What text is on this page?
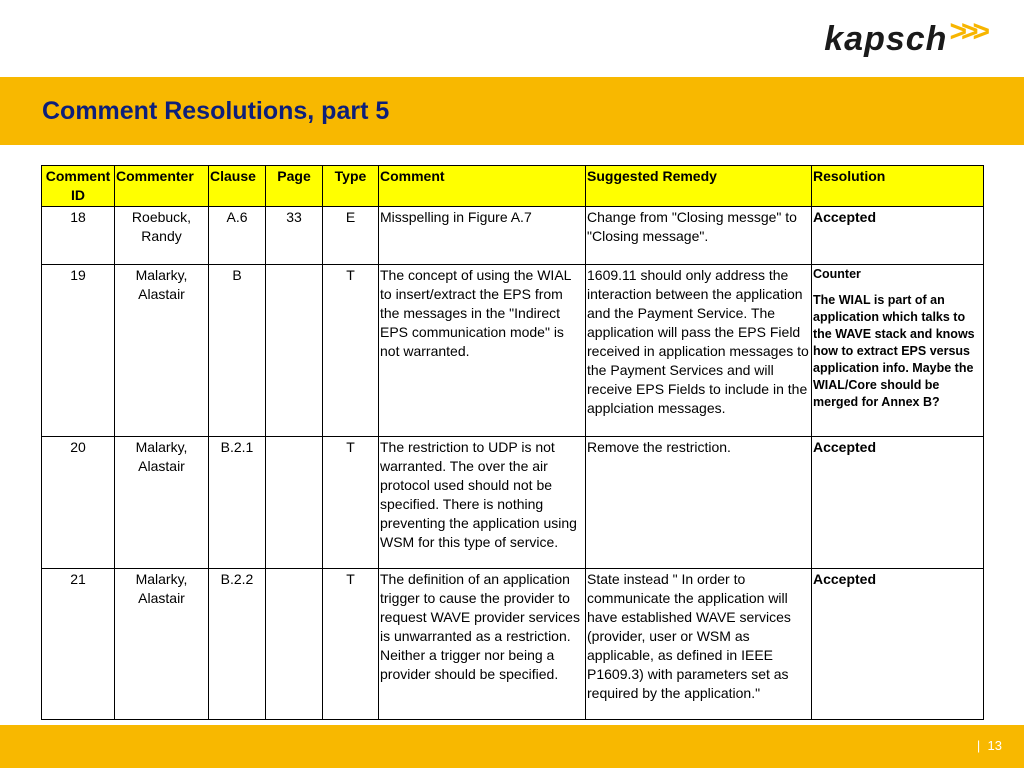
kapsch >>>
Comment Resolutions, part 5
Comment ID	Commenter	Clause	Page	Type	Comment	Suggested Remedy	Resolution
18	Roebuck, Randy	A.6	33	E	Misspelling in Figure A.7	Change from "Closing messge" to "Closing message".	Accepted
19	Malarky, Alastair	B		T	The concept of using the WIAL to insert/extract the EPS from the messages in the "Indirect EPS communication mode" is not warranted.	1609.11 should only address the interaction between the application and the Payment Service. The application will pass the EPS Field received in application messages to the Payment Services and will receive EPS Fields to include in the applciation messages.	Counter
The WIAL is part of an application which talks to the WAVE stack and knows how to extract EPS versus application info. Maybe the WIAL/Core should be merged for Annex B?

20	Malarky, Alastair	B.2.1		T	The restriction to UDP is not warranted. The over the air protocol used should not be specified. There is nothing preventing the application using WSM for this type of service.	Remove the restriction.	Accepted
21	Malarky, Alastair	B.2.2		T	The definition of an application trigger to cause the provider to request WAVE provider services is unwarranted as a restriction. Neither a trigger nor being a provider should be specified.	State instead " In order to communicate the application will have established WAVE services (provider, user or WSM as applicable, as defined in IEEE P1609.3) with parameters set as required by the application."	Accepted
| 13
